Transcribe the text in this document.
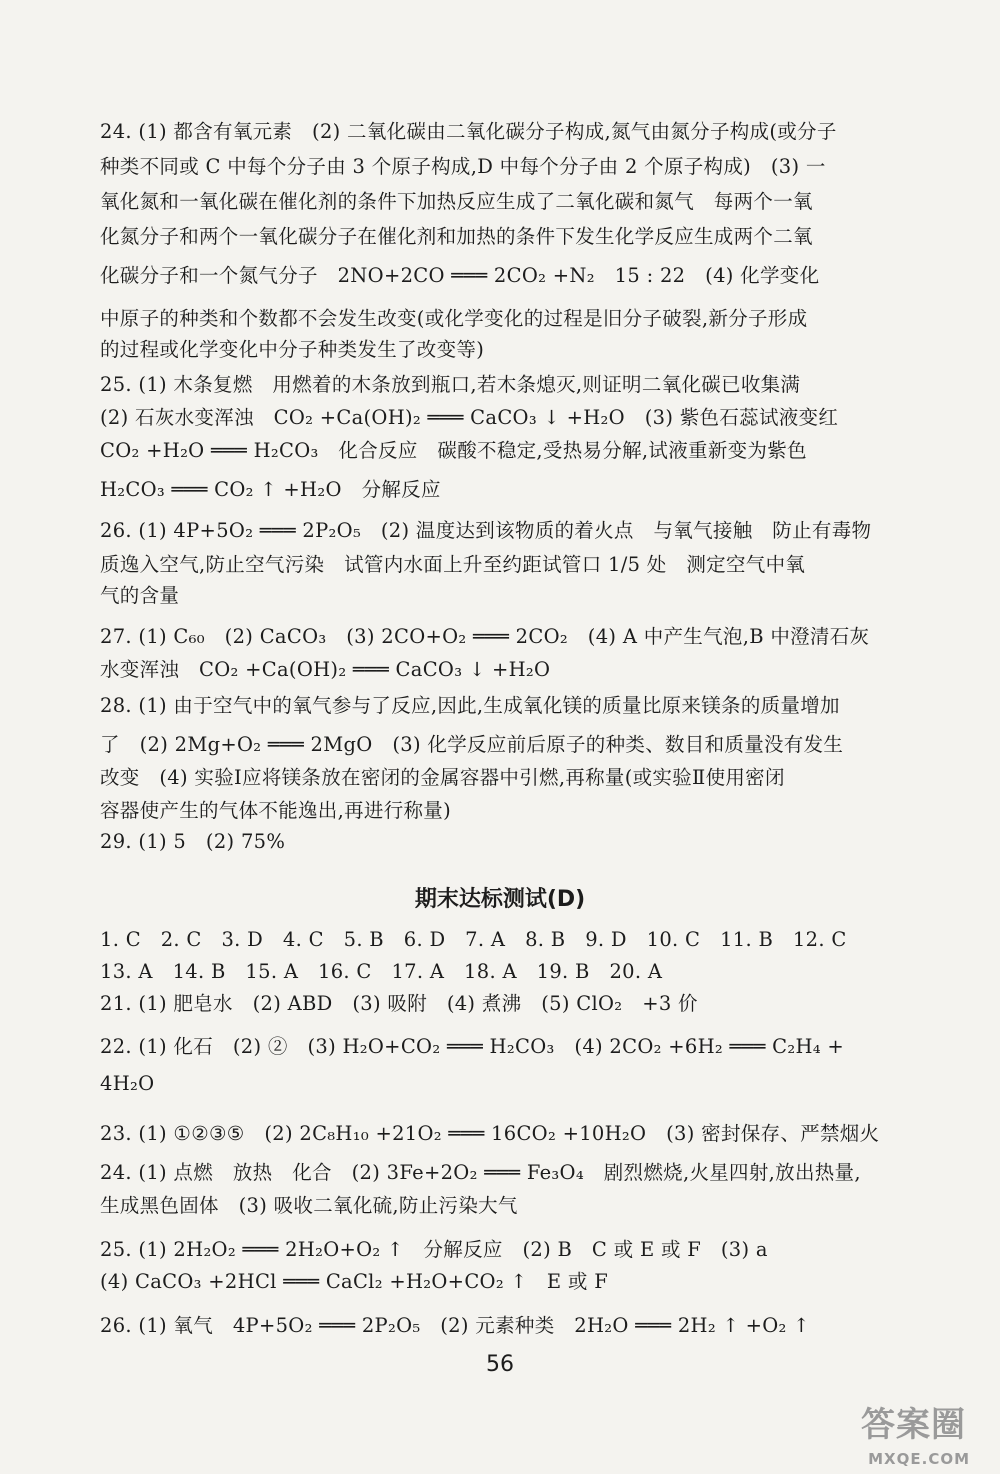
24. (1) 都含有氧元素　(2) 二氧化碳由二氧化碳分子构成,氮气由氮分子构成(或分子
种类不同或 C 中每个分子由 3 个原子构成,D 中每个分子由 2 个原子构成)　(3) 一
氧化氮和一氧化碳在催化剂的条件下加热反应生成了二氧化碳和氮气　每两个一氧
化氮分子和两个一氧化碳分子在催化剂和加热的条件下发生化学反应生成两个二氧
化碳分子和一个氮气分子　2NO+2CO ═══ 2CO₂ +N₂　15 : 22　(4) 化学变化
中原子的种类和个数都不会发生改变(或化学变化的过程是旧分子破裂,新分子形成
的过程或化学变化中分子种类发生了改变等)
25. (1) 木条复燃　用燃着的木条放到瓶口,若木条熄灭,则证明二氧化碳已收集满
(2) 石灰水变浑浊　CO₂ +Ca(OH)₂ ═══ CaCO₃ ↓ +H₂O　(3) 紫色石蕊试液变红
CO₂ +H₂O ═══ H₂CO₃　化合反应　碳酸不稳定,受热易分解,试液重新变为紫色
H₂CO₃ ═══ CO₂ ↑ +H₂O　分解反应
26. (1) 4P+5O₂ ═══ 2P₂O₅　(2) 温度达到该物质的着火点　与氧气接触　防止有毒物
质逸入空气,防止空气污染　试管内水面上升至约距试管口 1/5 处　测定空气中氧
气的含量
27. (1) C₆₀　(2) CaCO₃　(3) 2CO+O₂ ═══ 2CO₂　(4) A 中产生气泡,B 中澄清石灰
水变浑浊　CO₂ +Ca(OH)₂ ═══ CaCO₃ ↓ +H₂O
28. (1) 由于空气中的氧气参与了反应,因此,生成氧化镁的质量比原来镁条的质量增加
了　(2) 2Mg+O₂ ═══ 2MgO　(3) 化学反应前后原子的种类、数目和质量没有发生
改变　(4) 实验Ⅰ应将镁条放在密闭的金属容器中引燃,再称量(或实验Ⅱ使用密闭
容器使产生的气体不能逸出,再进行称量)
29. (1) 5　(2) 75%
期末达标测试(D)
1. C　2. C　3. D　4. C　5. B　6. D　7. A　8. B　9. D　10. C　11. B　12. C
13. A　14. B　15. A　16. C　17. A　18. A　19. B　20. A
21. (1) 肥皂水　(2) ABD　(3) 吸附　(4) 煮沸　(5) ClO₂　+3 价
22. (1) 化石　(2) ②　(3) H₂O+CO₂ ═══ H₂CO₃　(4) 2CO₂ +6H₂ ═══ C₂H₄ +
4H₂O
23. (1) ①②③⑤　(2) 2C₈H₁₀ +21O₂ ═══ 16CO₂ +10H₂O　(3) 密封保存、严禁烟火
24. (1) 点燃　放热　化合　(2) 3Fe+2O₂ ═══ Fe₃O₄　剧烈燃烧,火星四射,放出热量,
生成黑色固体　(3) 吸收二氧化硫,防止污染大气
25. (1) 2H₂O₂ ═══ 2H₂O+O₂ ↑　分解反应　(2) B　C 或 E 或 F　(3) a
(4) CaCO₃ +2HCl ═══ CaCl₂ +H₂O+CO₂ ↑　E 或 F
26. (1) 氧气　4P+5O₂ ═══ 2P₂O₅　(2) 元素种类　2H₂O ═══ 2H₂ ↑ +O₂ ↑
56
答案圈
MXQE.COM
